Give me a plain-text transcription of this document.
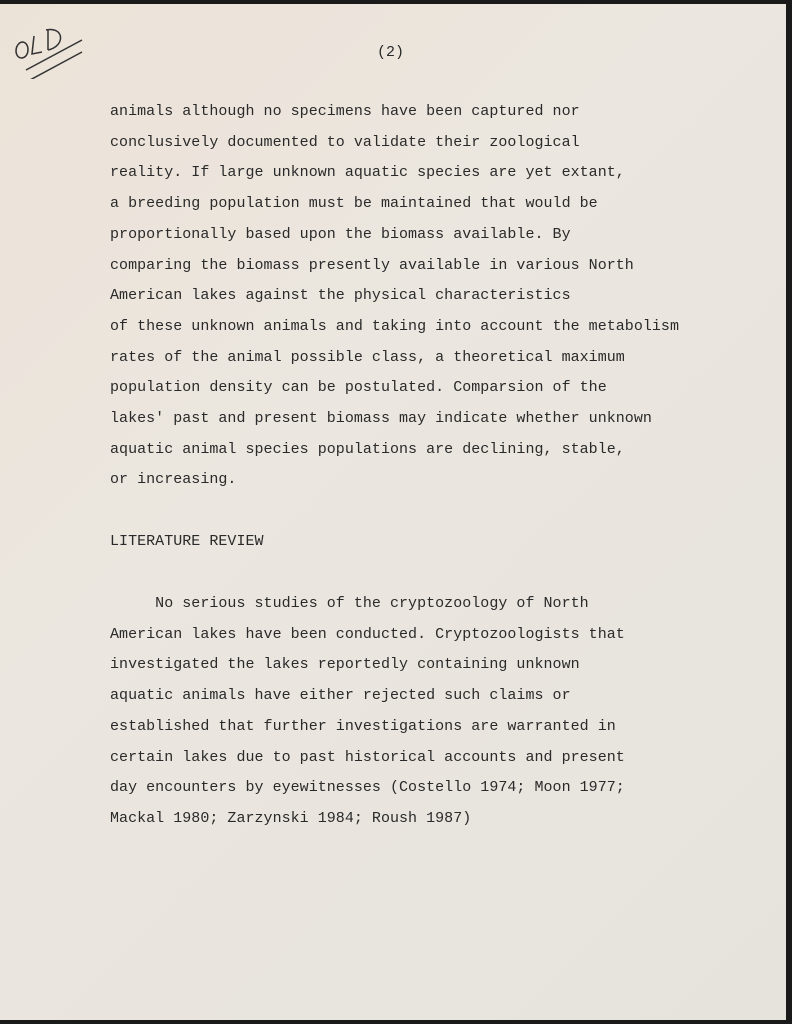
(2)
animals although no specimens have been captured nor
conclusively documented to validate their zoological
reality. If large unknown aquatic species are yet extant,
a breeding population must be maintained that would be
proportionally based upon the biomass available. By
comparing the biomass presently available in various North
American lakes against the physical characteristics
of these unknown animals and taking into account the metabolism
rates of the animal possible class, a theoretical maximum
population density can be postulated. Comparsion of the
lakes' past and present biomass may indicate whether unknown
aquatic animal species populations are declining, stable,
or increasing.
LITERATURE REVIEW
No serious studies of the cryptozoology of North
American lakes have been conducted. Cryptozoologists that
investigated the lakes reportedly containing unknown
aquatic animals have either rejected such claims or
established that further investigations are warranted in
certain lakes due to past historical accounts and present
day encounters by eyewitnesses (Costello 1974; Moon 1977;
Mackal 1980; Zarzynski 1984; Roush 1987)
